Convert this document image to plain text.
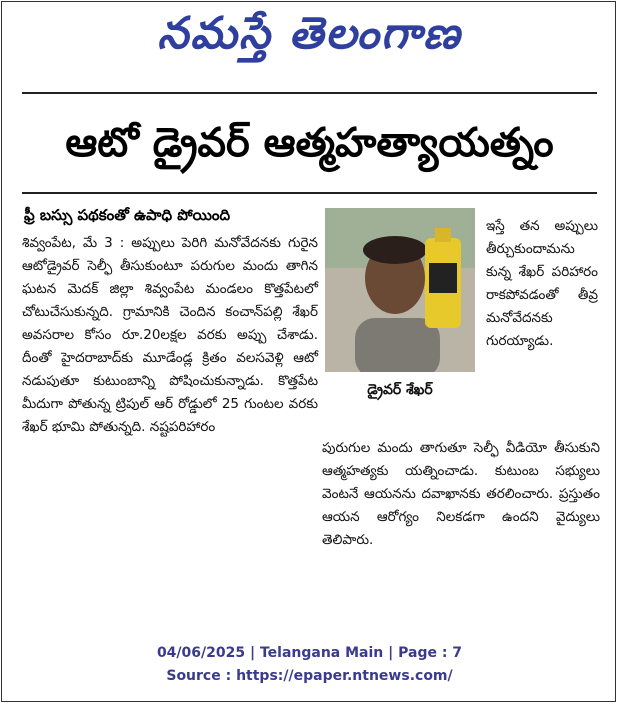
నమస్తే తెలంగాణ
ఆటో డ్రైవర్ ఆత్మహత్యాయత్నం
ఫ్రీ బస్సు పథకంతో ఉపాధి పోయింది

శివ్వంపేట, మే 3 : అప్పులు పెరిగి మనోవేదనకు గురైన ఆటోడ్రైవర్ సెల్ఫీ తీసుకుంటూ పరుగుల మందు తాగిన ఘటన మెదక్ జిల్లా శివ్వంపేట మండలం కొత్తపేటలో చోటుచేసుకున్నది. గ్రామానికి చెందిన కంచాన్‌పల్లి శేఖర్ అవసరాల కోసం రూ.20లక్షల వరకు అప్పు చేశాడు. దీంతో హైదరాబాద్‌కు మూడేండ్ల క్రితం వలసవెళ్లి ఆటో నడుపుతూ కుటుంబాన్ని పోషించుకున్నాడు. కొత్తపేట మీదుగా పోతున్న ట్రిపుల్ ఆర్ రోడ్డులో 25 గుంటల వరకు శేఖర్ భూమి పోతున్నది. నష్టపరిహారం

డ్రైవర్ శేఖర్

ఇస్తే తన అప్పులు తీర్చుకుందామను కున్న శేఖర్ పరిహారం రాకపోవడంతో తీవ్ర మనోవేదనకు గురయ్యాడు.

పురుగుల మందు తాగుతూ సెల్ఫీ వీడియో తీసుకుని ఆత్మహత్యకు యత్నించాడు. కుటుంబ సభ్యులు వెంటనే ఆయనను దవాఖానకు తరలించారు. ప్రస్తుతం ఆయన ఆరోగ్యం నిలకడగా ఉందని వైద్యులు తెలిపారు.

04/06/2025 | Telangana Main | Page : 7
Source : https://epaper.ntnews.com/
